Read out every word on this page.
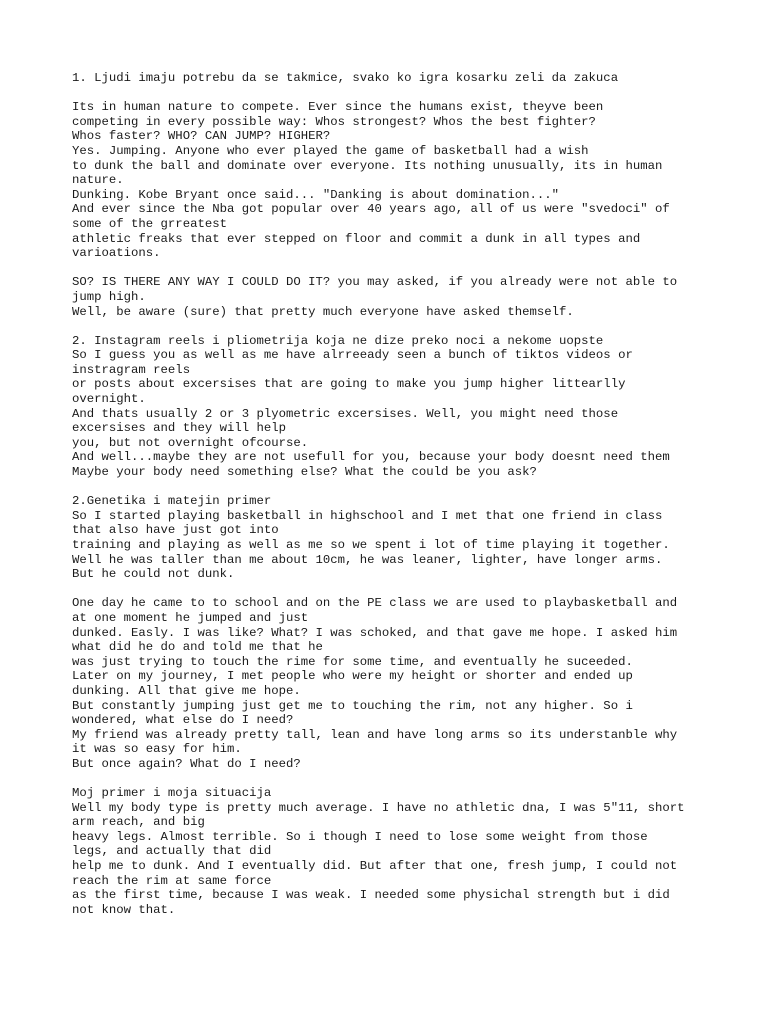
1. Ljudi imaju potrebu da se takmice, svako ko igra kosarku zeli da zakuca
Its in human nature to compete. Ever since the humans exist, theyve been
competing in every possible way: Whos strongest? Whos the best fighter?
Whos faster? WHO? CAN JUMP? HIGHER?
Yes. Jumping. Anyone who ever played the game of basketball had a wish
to dunk the ball and dominate over everyone. Its nothing unusually, its in human
nature.
Dunking. Kobe Bryant once said... "Danking is about domination..."
And ever since the Nba got popular over 40 years ago, all of us were "svedoci" of
some of the grreatest
athletic freaks that ever stepped on floor and commit a dunk in all types and
varioations.
SO? IS THERE ANY WAY I COULD DO IT? you may asked, if you already were not able to
jump high.
Well, be aware (sure) that pretty much everyone have asked themself.
2. Instagram reels i pliometrija koja ne dize preko noci a nekome uopste
So I guess you as well as me have alrreeady seen a bunch of tiktos videos or
instragram reels
or posts about excersises that are going to make you jump higher littearlly
overnight.
And thats usually 2 or 3 plyometric excersises. Well, you might need those
excersises and they will help
you, but not overnight ofcourse.
And well...maybe they are not usefull for you, because your body doesnt need them
Maybe your body need something else? What the could be you ask?
2.Genetika i matejin primer
So I started playing basketball in highschool and I met that one friend in class
that also have just got into
training and playing as well as me so we spent i lot of time playing it together.
Well he was taller than me about 10cm, he was leaner, lighter, have longer arms.
But he could not dunk.
One day he came to to school and on the PE class we are used to playbasketball and
at one moment he jumped and just
dunked. Easly. I was like? What? I was schoked, and that gave me hope. I asked him
what did he do and told me that he
was just trying to touch the rime for some time, and eventually he suceeded.
Later on my journey, I met people who were my height or shorter and ended up
dunking. All that give me hope.
But constantly jumping just get me to touching the rim, not any higher. So i
wondered, what else do I need?
My friend was already pretty tall, lean and have long arms so its understanble why
it was so easy for him.
But once again? What do I need?
Moj primer i moja situacija
Well my body type is pretty much average. I have no athletic dna, I was 5"11, short
arm reach, and big
heavy legs. Almost terrible. So i though I need to lose some weight from those
legs, and actually that did
help me to dunk. And I eventually did. But after that one, fresh jump, I could not
reach the rim at same force
as the first time, because I was weak. I needed some physichal strength but i did
not know that.
